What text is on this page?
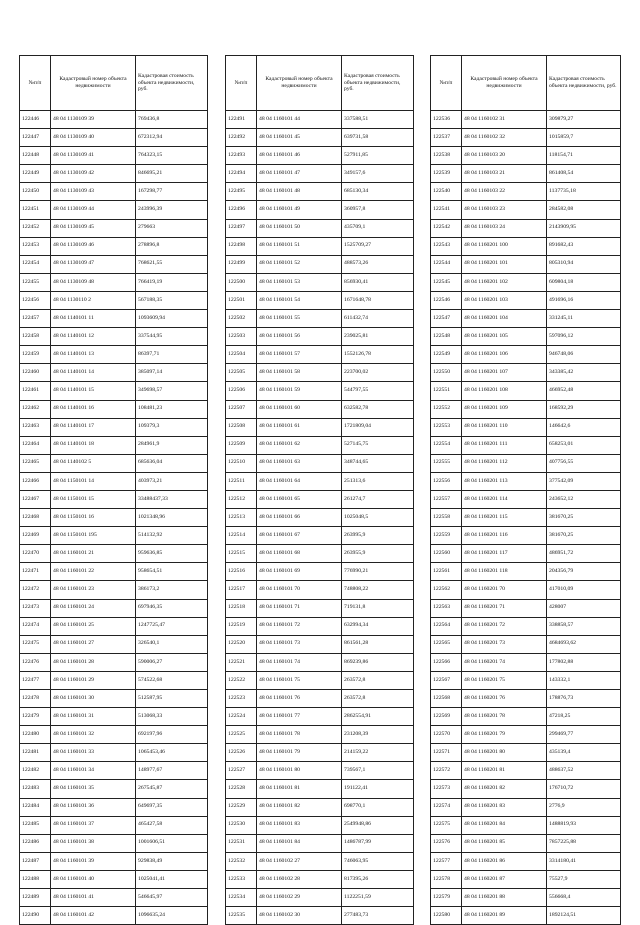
№п/п	Кадастровый номер объекта недвижимости	Кадастровая стоимость объекта недвижимости, руб.
122446	48 04 1130109 39	769436,8
122447	48 04 1130109 40	672312,94
122448	48 04 1130109 41	764323,15
122449	48 04 1130109 42	846695,21
122450	48 04 1130109 43	167298,77
122451	48 04 1130109 44	243996,39
122452	48 04 1130109 45	279663
122453	48 04 1130109 46	278896,8
122454	48 04 1130109 47	768621,55
122455	48 04 1130109 48	766419,19
122456	48 04 1130110 2	567188,35
122457	48 04 1140101 11	1093609,94
122458	48 04 1140101 12	337544,95
122459	48 04 1140101 13	86397,71
122460	48 04 1140101 14	385097,14
122461	48 04 1140101 15	349698,57
122462	48 04 1140101 16	108481,23
122463	48 04 1140101 17	109379,3
122464	48 04 1140101 18	284961,9
122465	48 04 1140102 5	685636,04
122466	48 04 1150101 14	403973,21
122467	48 04 1150101 15	33488437,33
122468	48 04 1150101 16	1021348,96
122469	48 04 1150101 195	514132,92
122470	48 04 1160101 21	959636,85
122471	48 04 1160101 22	958654,51
122472	48 04 1160101 23	386173,2
122473	48 04 1160101 24	697946,35
122474	48 04 1160101 25	1247725,47
122475	48 04 1160101 27	326540,1
122476	48 04 1160101 28	590006,27
122477	48 04 1160101 29	574522,68
122478	48 04 1160101 30	512587,95
122479	48 04 1160101 31	513068,33
122480	48 04 1160101 32	692197,96
122481	48 04 1160101 33	1065453,46
122482	48 04 1160101 34	148977,67
122483	48 04 1160101 35	267545,87
122484	48 04 1160101 36	649697,35
122485	48 04 1160101 37	465427,58
122486	48 04 1160101 38	1001606,51
122487	48 04 1160101 39	929838,49
122488	48 04 1160101 40	1025041,41
122489	48 04 1160101 41	546645,97
122490	48 04 1160101 42	1096635,24
№п/п	Кадастровый номер объекта недвижимости	Кадастровая стоимость объекта недвижимости, руб.
122491	48 04 1160101 44	337588,51
122492	48 04 1160101 45	639731,58
122493	48 04 1160101 46	527911,85
122494	48 04 1160101 47	349157,6
122495	48 04 1160101 48	685130,34
122496	48 04 1160101 49	360957,8
122497	48 04 1160101 50	435709,1
122498	48 04 1160101 51	1525709,27
122499	48 04 1160101 52	488573,26
122500	48 04 1160101 53	856930,41
122501	48 04 1160101 54	1671648,78
122502	48 04 1160101 55	611432,74
122503	48 04 1160101 56	239025,81
122504	48 04 1160101 57	1552126,78
122505	48 04 1160101 58	223700,02
122506	48 04 1160101 59	544797,55
122507	48 04 1160101 60	632582,78
122508	48 04 1160101 61	1721809,04
122509	48 04 1160101 62	527145,75
122510	48 04 1160101 63	348744,65
122511	48 04 1160101 64	251313,6
122512	48 04 1160101 65	261274,7
122513	48 04 1160101 66	1025048,5
122514	48 04 1160101 67	263995,9
122515	48 04 1160101 68	263955,9
122516	48 04 1160101 69	776990,21
122517	48 04 1160101 70	748808,22
122518	48 04 1160101 71	719131,8
122519	48 04 1160101 72	632994,34
122520	48 04 1160101 73	861561,28
122521	48 04 1160101 74	869239,86
122522	48 04 1160101 75	263572,8
122523	48 04 1160101 76	263572,8
122524	48 04 1160101 77	2862554,91
122525	48 04 1160101 78	231208,39
122526	48 04 1160101 79	214159,22
122527	48 04 1160101 80	739567,1
122528	48 04 1160101 81	191122,41
122529	48 04 1160101 82	698770,1
122530	48 04 1160101 83	2549948,86
122531	48 04 1160101 84	1486787,99
122532	48 04 1160102 27	746063,95
122533	48 04 1160102 28	817395,26
122534	48 04 1160102 29	1122251,59
122535	48 04 1160102 30	277483,73
№п/п	Кадастровый номер объекта недвижимости	Кадастровая стоимость объекта недвижимости, руб.
122536	48 04 1160102 31	309879,27
122537	48 04 1160102 32	1015859,7
122538	48 04 1160103 20	118154,71
122539	48 04 1160103 21	861408,54
122540	48 04 1160103 22	1137735,18
122541	48 04 1160103 23	284582,08
122542	48 04 1160103 24	2143909,95
122543	48 04 1160201 100	891682,43
122544	48 04 1160201 101	805310,94
122545	48 04 1160201 102	609804,18
122546	48 04 1160201 103	491696,16
122547	48 04 1160201 104	331245,11
122548	48 04 1160201 105	597096,12
122549	48 04 1160201 106	946748,06
122550	48 04 1160201 107	343385,42
122551	48 04 1160201 108	466952,48
122552	48 04 1160201 109	168592,29
122553	48 04 1160201 110	146642,6
122554	48 04 1160201 111	658253,01
122555	48 04 1160201 112	407756,55
122556	48 04 1160201 113	377542,09
122557	48 04 1160201 114	243652,12
122558	48 04 1160201 115	381670,25
122559	48 04 1160201 116	381670,25
122560	48 04 1160201 117	486951,72
122561	48 04 1160201 118	204356,79
122562	48 04 1160201 70	417010,09
122563	48 04 1160201 71	428007
122564	48 04 1160201 72	338858,57
122565	48 04 1160201 73	4684693,62
122566	48 04 1160201 74	177802,88
122567	48 04 1160201 75	143332,1
122568	48 04 1160201 76	178876,73
122569	48 04 1160201 78	47218,25
122570	48 04 1160201 79	299469,77
122571	48 04 1160201 80	435139,4
122572	48 04 1160201 81	488637,52
122573	48 04 1160201 82	176710,72
122574	48 04 1160201 83	2776,9
122575	48 04 1160201 84	1488819,93
122576	48 04 1160201 85	7857225,88
122577	48 04 1160201 86	3314180,41
122578	48 04 1160201 87	75527,9
122579	48 04 1160201 88	556668,4
122580	48 04 1160201 89	1892124,51
